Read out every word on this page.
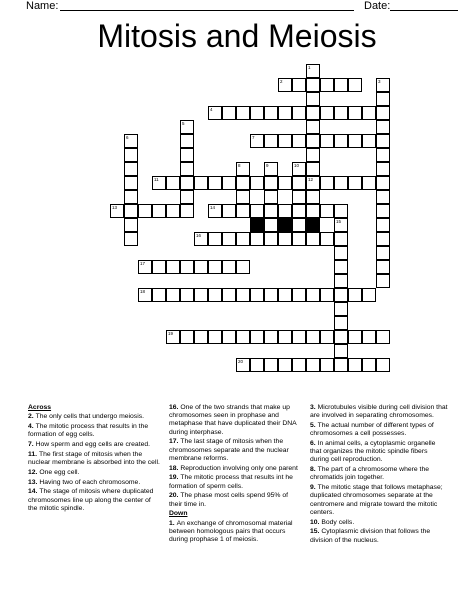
Name:	Date:
Mitosis and Meiosis
1
12
2	3
4
5
6	7
8	9	10
11
13	14
15
16
17
18
19
20
Across
2. The only cells that undergo meiosis.
4. The mitotic process that results in the formation of egg cells.
7. How sperm and egg cells are created.
11. The first stage of mitosis when the nuclear membrane is absorbed into the cell.
12. One egg cell.
13. Having two of each chromosome.
14. The stage of mitosis where duplicated chromosomes line up along the center of the mitotic spindle.
16. One of the two strands that make up chromosomes seen in prophase and metaphase that have duplicated their DNA during interphase.
17. The last stage of mitosis when the chromosomes separate and the nuclear membrane reforms.
18. Reproduction involving only one parent
19. The mitotic process that results int he formation of sperm cells.
20. The phase most cells spend 95% of their time in.
Down
1. An exchange of chromosomal material between homologous pairs that occurs during prophase 1 of meiosis.
3. Microtubules visible during cell division that are involved in separating chromosomes.
5. The actual number of different types of chromosomes a cell possesses.
6. In animal cells, a cytoplasmic organelle that organizes the mitotic spindle fibers during cell reproduction.
8. The part of a chromosome where the chromatids join together.
9. The mitotic stage that follows metaphase; duplicated chromosomes separate at the centromere and migrate toward the mitotic centers.
10. Body cells.
15. Cytoplasmic division that follows the division of the nucleus.
